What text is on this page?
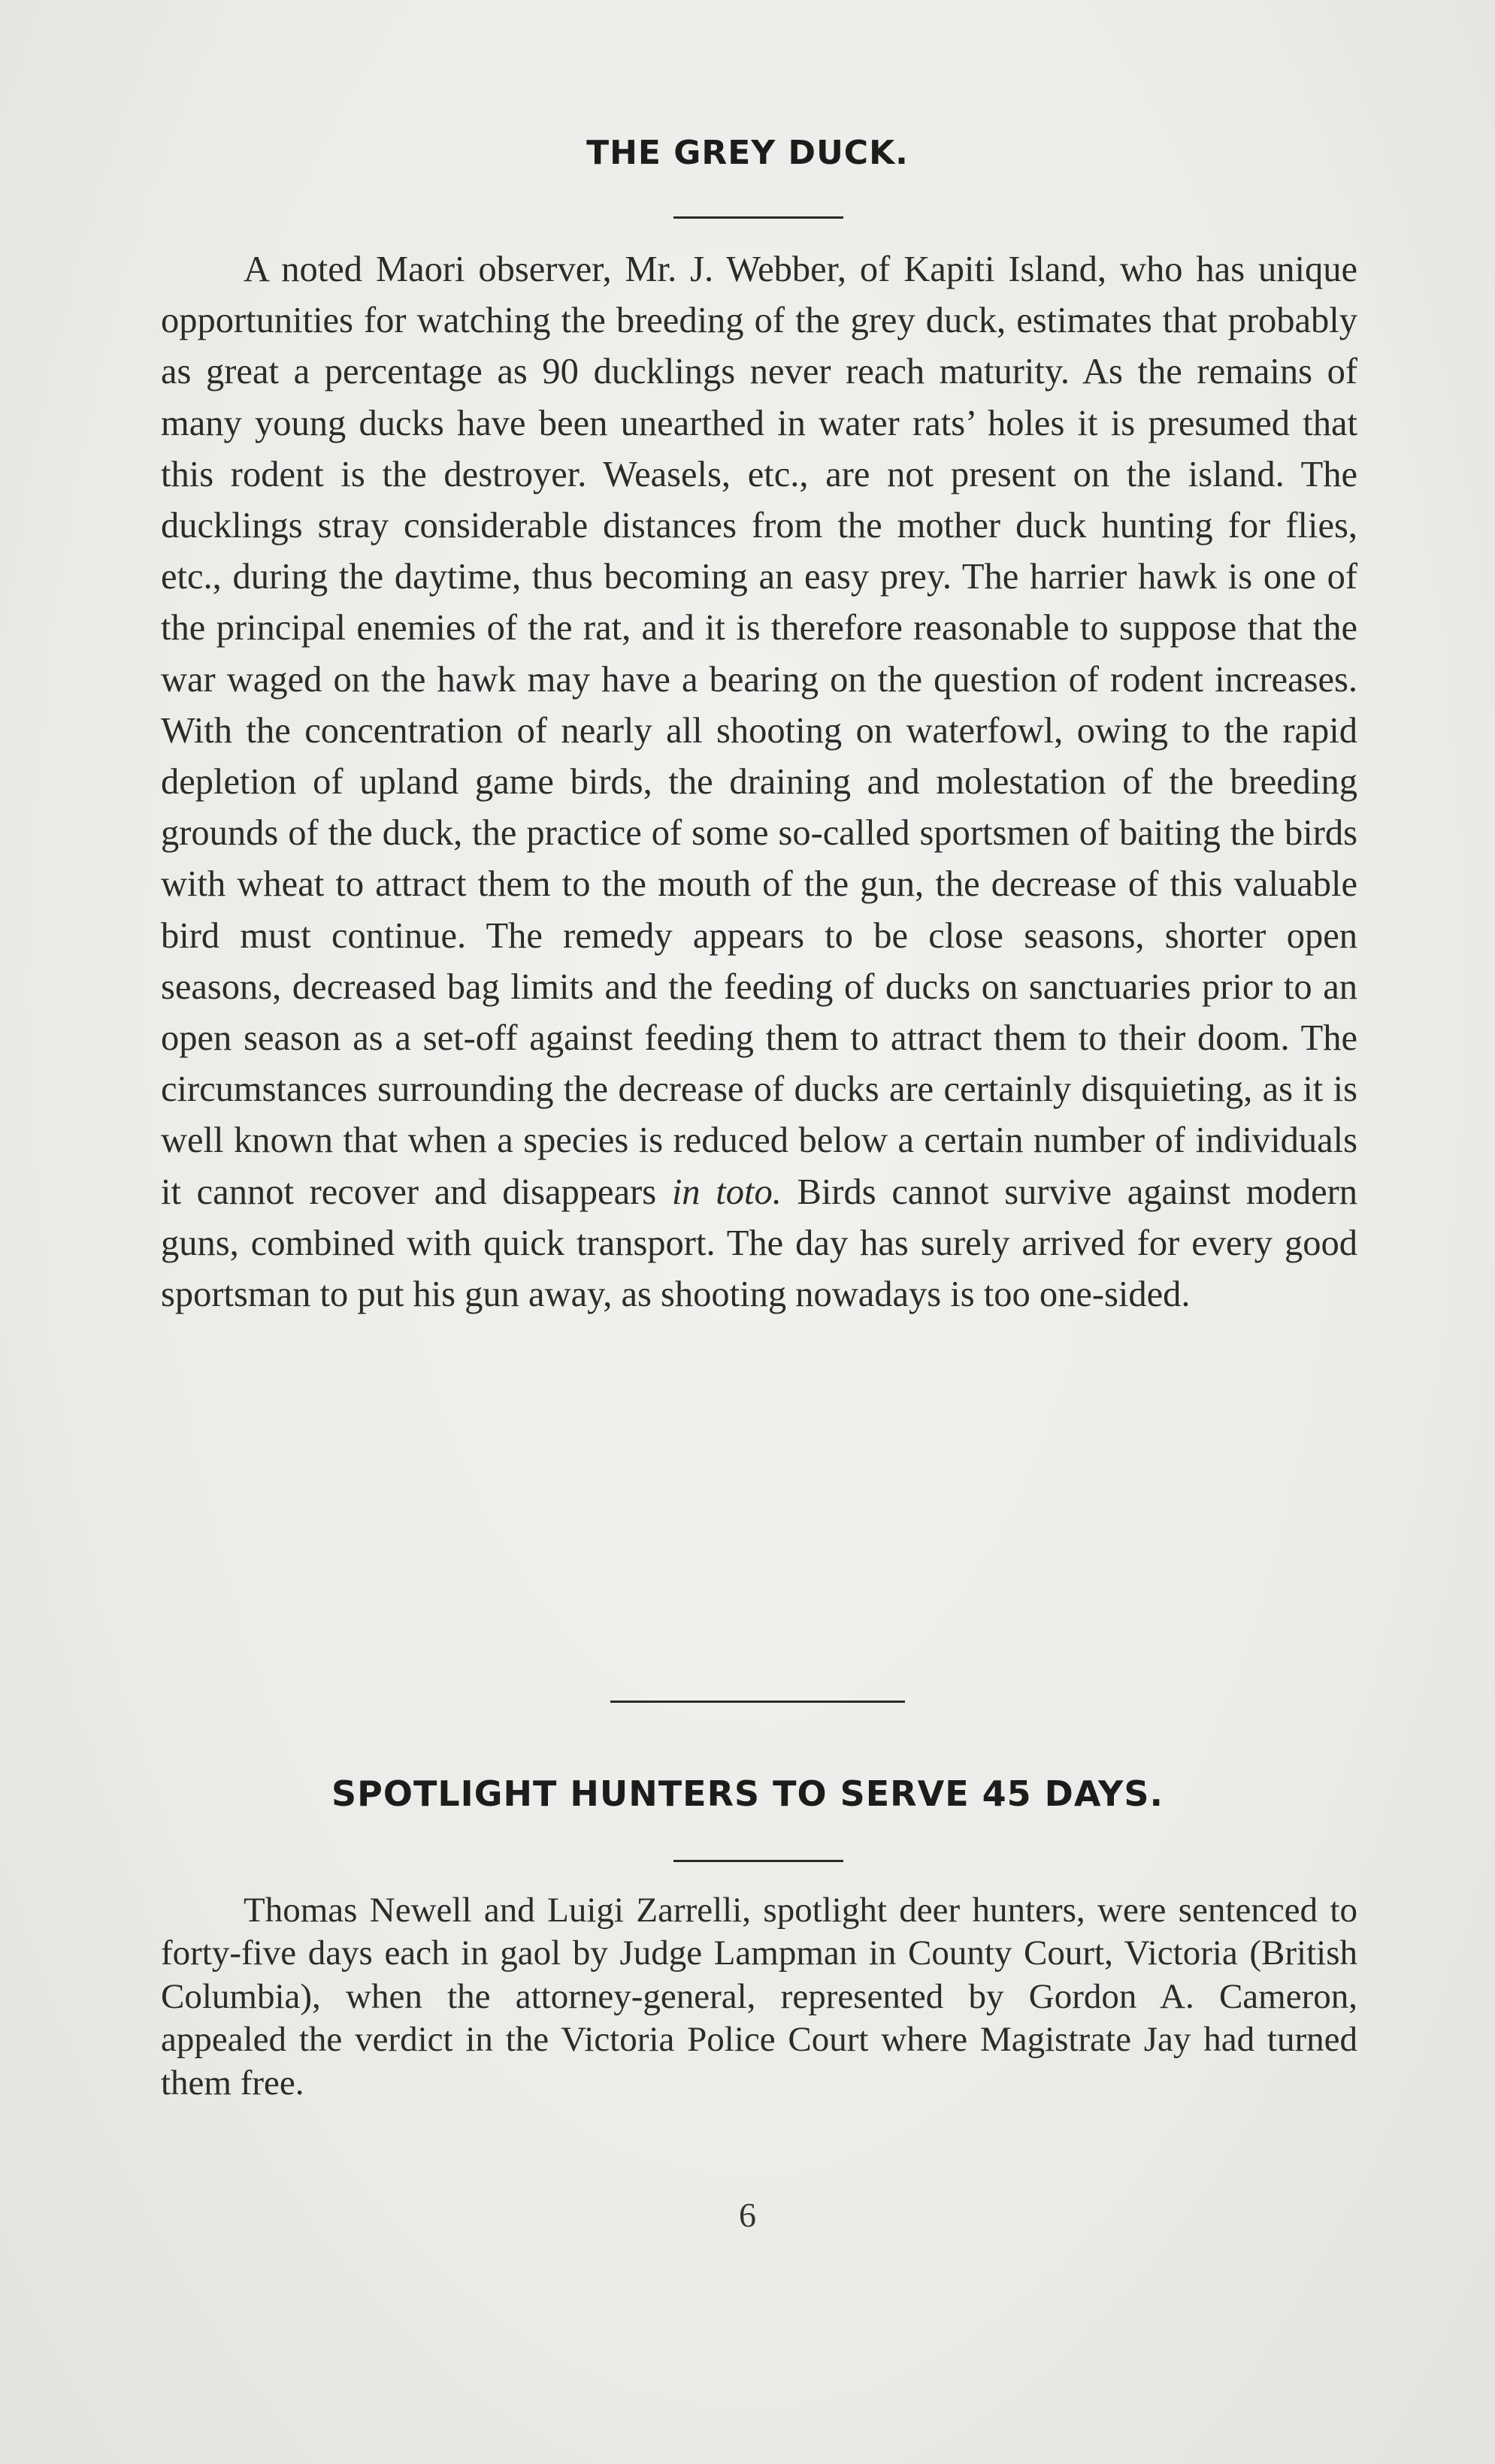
THE GREY DUCK.
A noted Maori observer, Mr. J. Webber, of Kapiti Island, who has unique opportunities for watching the breeding of the grey duck, estimates that probably as great a percentage as 90 ducklings never reach maturity. As the remains of many young ducks have been unearthed in water rats’ holes it is presumed that this rodent is the destroyer. Weasels, etc., are not present on the island. The ducklings stray considerable distances from the mother duck hunting for flies, etc., during the daytime, thus becoming an easy prey. The harrier hawk is one of the principal enemies of the rat, and it is therefore reasonable to suppose that the war waged on the hawk may have a bearing on the question of rodent increases. With the concentration of nearly all shooting on waterfowl, owing to the rapid depletion of upland game birds, the draining and molestation of the breeding grounds of the duck, the practice of some so-called sportsmen of baiting the birds with wheat to attract them to the mouth of the gun, the decrease of this valuable bird must continue. The remedy appears to be close seasons, shorter open seasons, decreased bag limits and the feeding of ducks on sanctuaries prior to an open season as a set-off against feeding them to attract them to their doom. The circumstances surrounding the decrease of ducks are certainly disquieting, as it is well known that when a species is reduced below a certain number of individuals it cannot recover and disappears in toto. Birds cannot survive against modern guns, combined with quick transport. The day has surely arrived for every good sportsman to put his gun away, as shooting nowadays is too one-sided.
SPOTLIGHT HUNTERS TO SERVE 45 DAYS.
Thomas Newell and Luigi Zarrelli, spotlight deer hunters, were sentenced to forty-five days each in gaol by Judge Lampman in County Court, Victoria (British Columbia), when the attorney-general, represented by Gordon A. Cameron, appealed the verdict in the Victoria Police Court where Magistrate Jay had turned them free.
6
